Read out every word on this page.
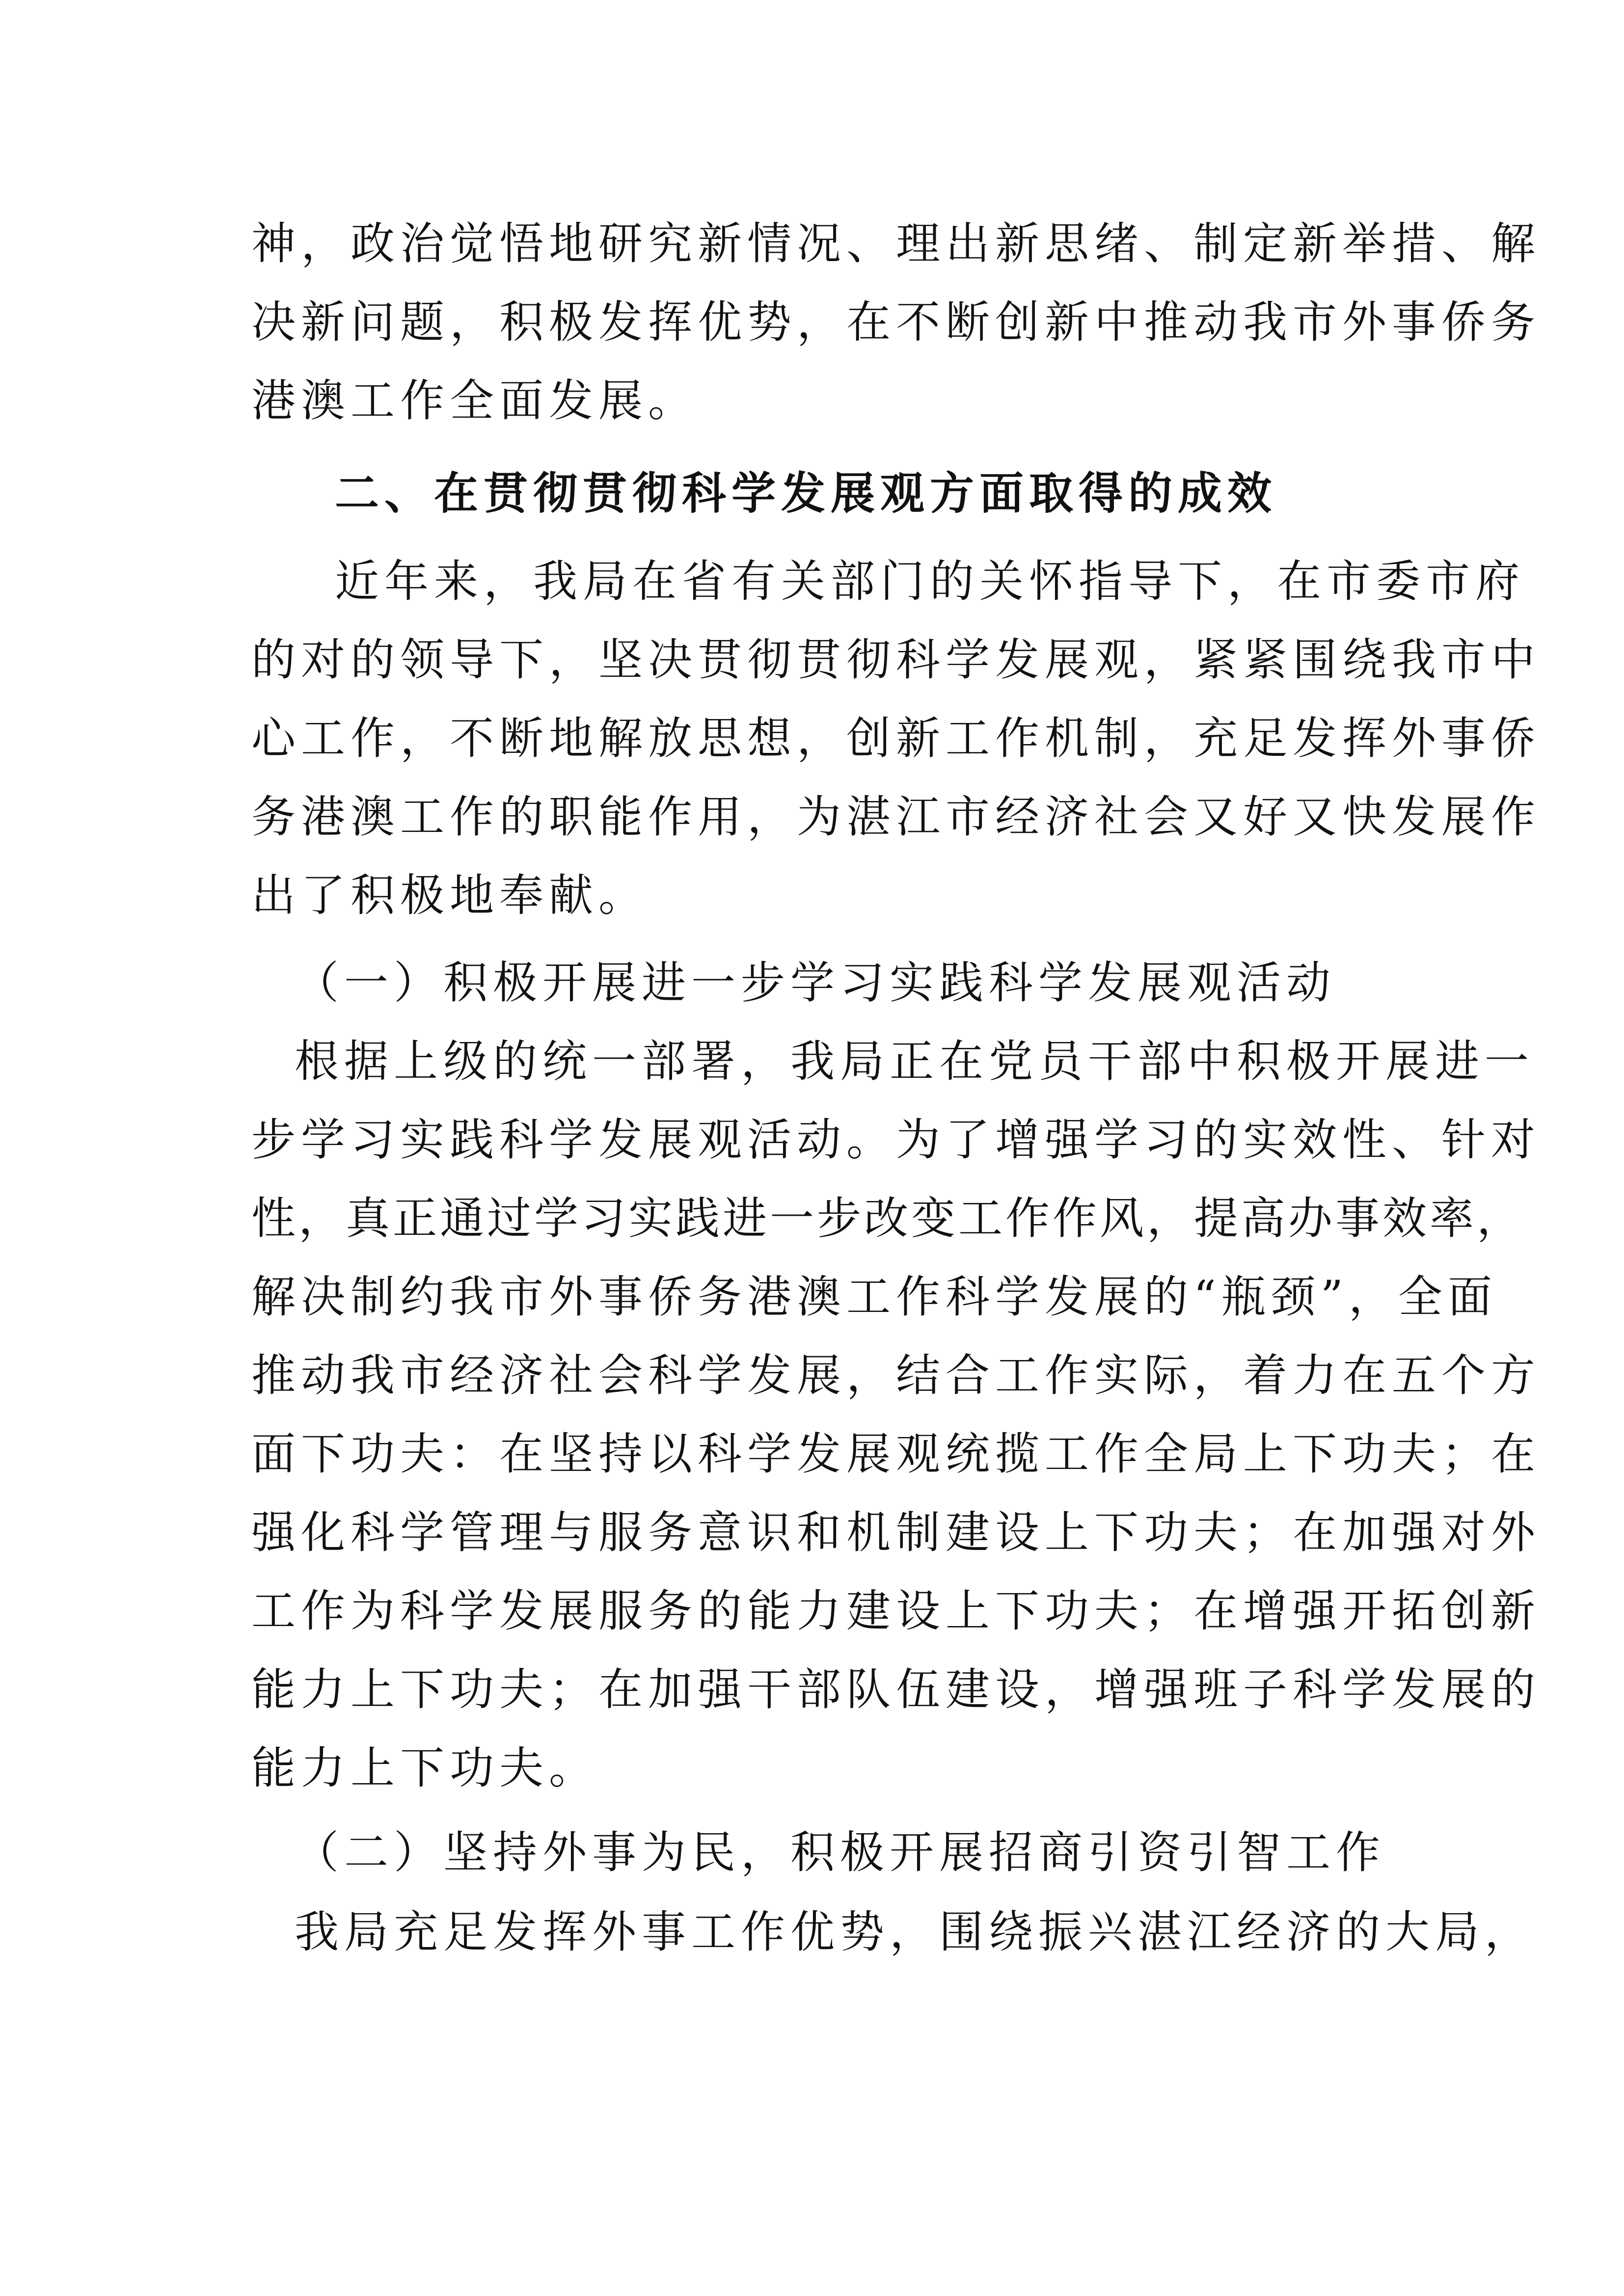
神，政治觉悟地研究新情况、理出新思绪、制定新举措、解
决新问题，积极发挥优势，在不断创新中推动我市外事侨务
港澳工作全面发展。
二、在贯彻贯彻科学发展观方面取得的成效
近年来，我局在省有关部门的关怀指导下，在市委市府
的对的领导下，坚决贯彻贯彻科学发展观，紧紧围绕我市中
心工作，不断地解放思想，创新工作机制，充足发挥外事侨
务港澳工作的职能作用，为湛江市经济社会又好又快发展作
出了积极地奉献。
（一）积极开展进一步学习实践科学发展观活动
根据上级的统一部署，我局正在党员干部中积极开展进一
步学习实践科学发展观活动。为了增强学习的实效性、针对
性，真正通过学习实践进一步改变工作作风，提高办事效率，
解决制约我市外事侨务港澳工作科学发展的“瓶颈”，全面
推动我市经济社会科学发展，结合工作实际，着力在五个方
面下功夫：在坚持以科学发展观统揽工作全局上下功夫；在
强化科学管理与服务意识和机制建设上下功夫；在加强对外
工作为科学发展服务的能力建设上下功夫；在增强开拓创新
能力上下功夫；在加强干部队伍建设，增强班子科学发展的
能力上下功夫。
（二）坚持外事为民，积极开展招商引资引智工作
我局充足发挥外事工作优势，围绕振兴湛江经济的大局，
